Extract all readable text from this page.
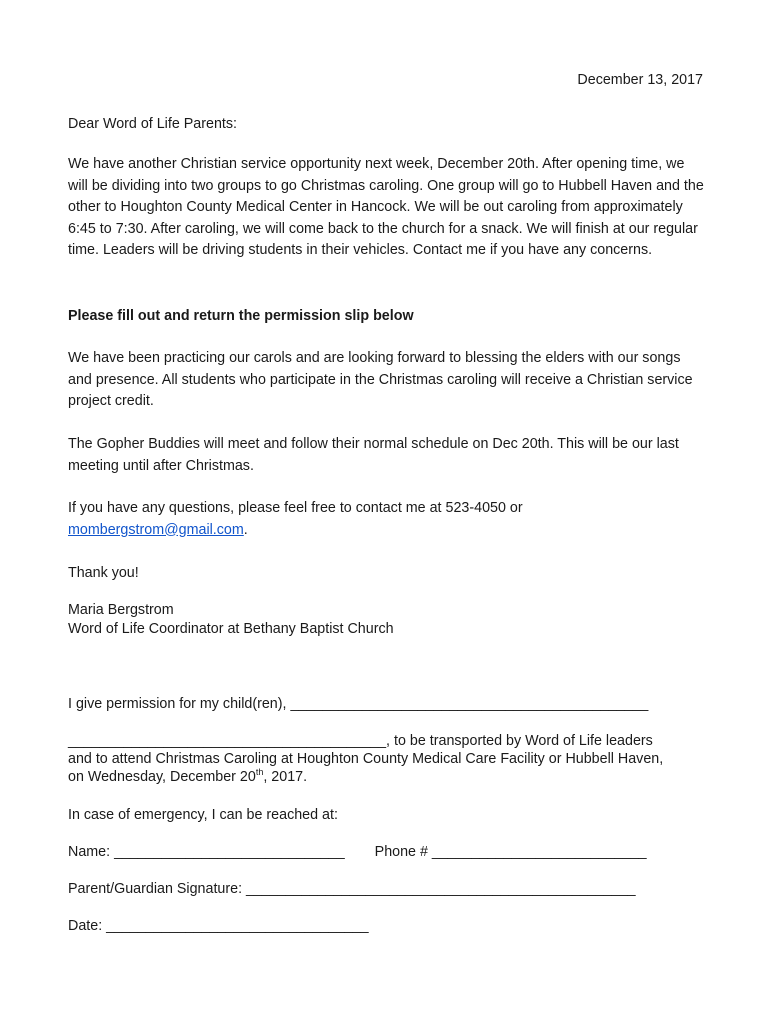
December 13, 2017

Dear Word of Life Parents:

We have another Christian service opportunity next week, December 20th. After opening time, we will be dividing into two groups to go Christmas caroling. One group will go to Hubbell Haven and the other to Houghton County Medical Center in Hancock. We will be out caroling from approximately 6:45 to 7:30. After caroling, we will come back to the church for a snack. We will finish at our regular time. Leaders will be driving students in their vehicles. Contact me if you have any concerns.

Please fill out and return the permission slip below

We have been practicing our carols and are looking forward to blessing the elders with our songs and presence. All students who participate in the Christmas caroling will receive a Christian service project credit.

The Gopher Buddies will meet and follow their normal schedule on Dec 20th. This will be our last meeting until after Christmas.

If you have any questions, please feel free to contact me at 523-4050 or
mombergstrom@gmail.com.

Thank you!

Maria Bergstrom
Word of Life Coordinator at Bethany Baptist Church

I give permission for my child(ren), _____________________________________________

________________________________________, to be transported by Word of Life leaders

and to attend Christmas Caroling at Houghton County Medical Care Facility or Hubbell Haven,

on Wednesday, December 20th, 2017.

In case of emergency, I can be reached at:

Name: _____________________________ Phone # ___________________________

Parent/Guardian Signature: _________________________________________________

Date: _________________________________
